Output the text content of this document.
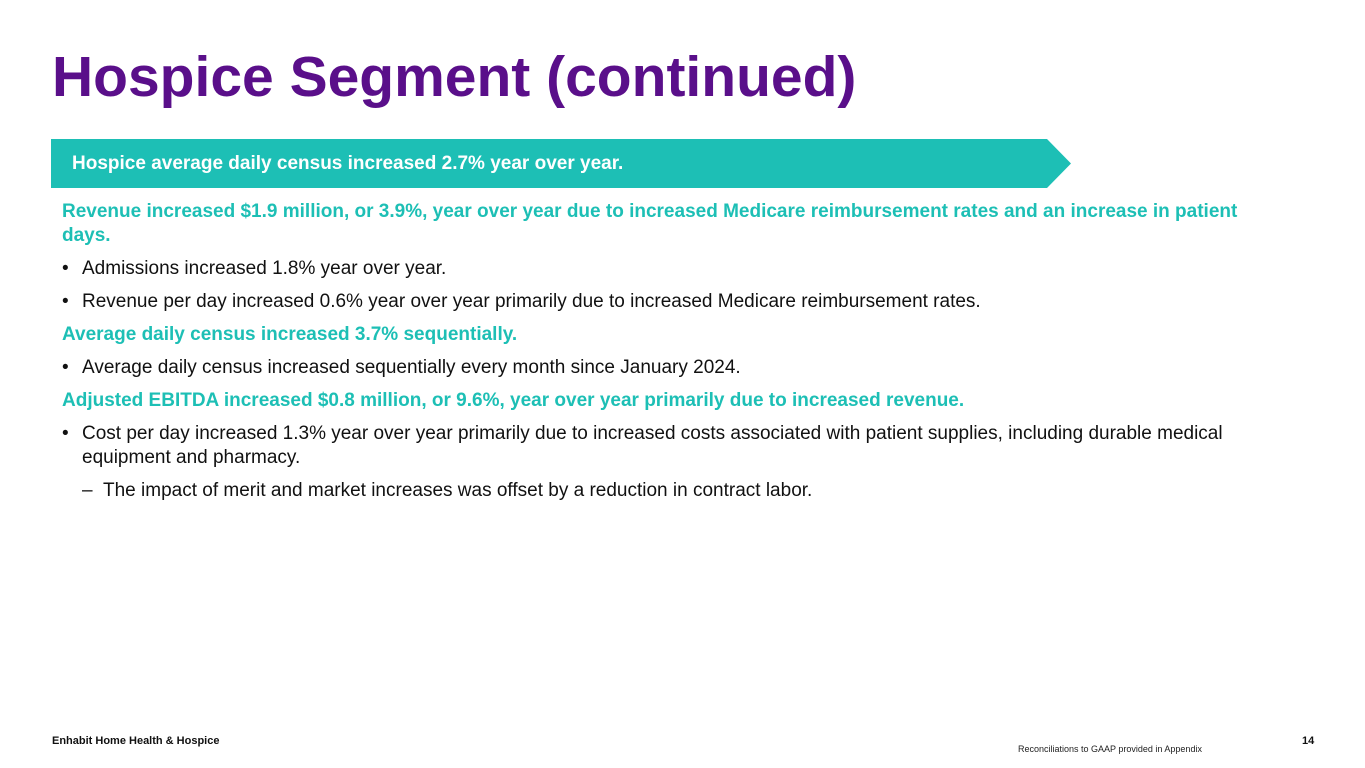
Hospice Segment (continued)
Hospice average daily census increased 2.7% year over year.
Revenue increased $1.9 million, or 3.9%, year over year due to increased Medicare reimbursement rates and an increase in patient days.
• Admissions increased 1.8% year over year.
• Revenue per day increased 0.6% year over year primarily due to increased Medicare reimbursement rates.
Average daily census increased 3.7% sequentially.
• Average daily census increased sequentially every month since January 2024.
Adjusted EBITDA increased $0.8 million, or 9.6%, year over year primarily due to increased revenue.
• Cost per day increased 1.3% year over year primarily due to increased costs associated with patient supplies, including durable medical equipment and pharmacy.
– The impact of merit and market increases was offset by a reduction in contract labor.
Enhabit Home Health & Hospice
Reconciliations to GAAP provided in Appendix
14
